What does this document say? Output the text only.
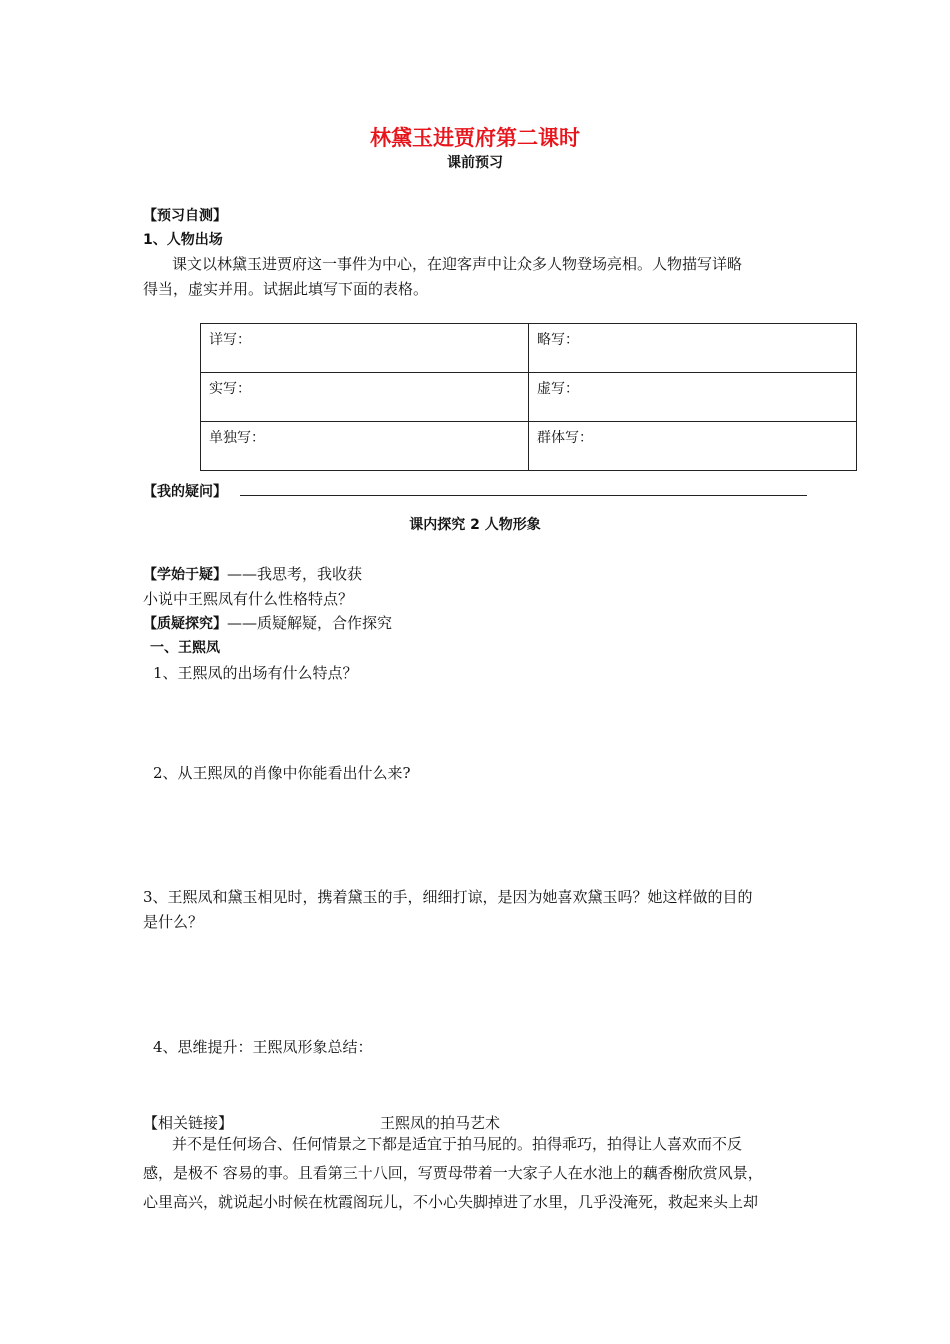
林黛玉进贾府第二课时
课前预习
【预习自测】
1、人物出场
课文以林黛玉进贾府这一事件为中心，在迎客声中让众多人物登场亮相。人物描写详略
得当，虚实并用。试据此填写下面的表格。
详写：	略写：
实写：	虚写：
单独写：	群体写：
【我的疑问】
课内探究 2 人物形象
【学始于疑】——我思考，我收获
小说中王熙凤有什么性格特点？
【质疑探究】——质疑解疑，合作探究
一、王熙凤
1、王熙凤的出场有什么特点？
2、从王熙凤的肖像中你能看出什么来?
3、王熙凤和黛玉相见时，携着黛玉的手，细细打谅，是因为她喜欢黛玉吗？她这样做的目的
是什么？
4、思维提升：王熙凤形象总结：
【相关链接】	王熙凤的拍马艺术
并不是任何场合、任何情景之下都是适宜于拍马屁的。拍得乖巧，拍得让人喜欢而不反
感，是极不 容易的事。且看第三十八回，写贾母带着一大家子人在水池上的藕香榭欣赏风景，
心里高兴，就说起小时候在枕霞阁玩儿，不小心失脚掉进了水里，几乎没淹死，救起来头上却
